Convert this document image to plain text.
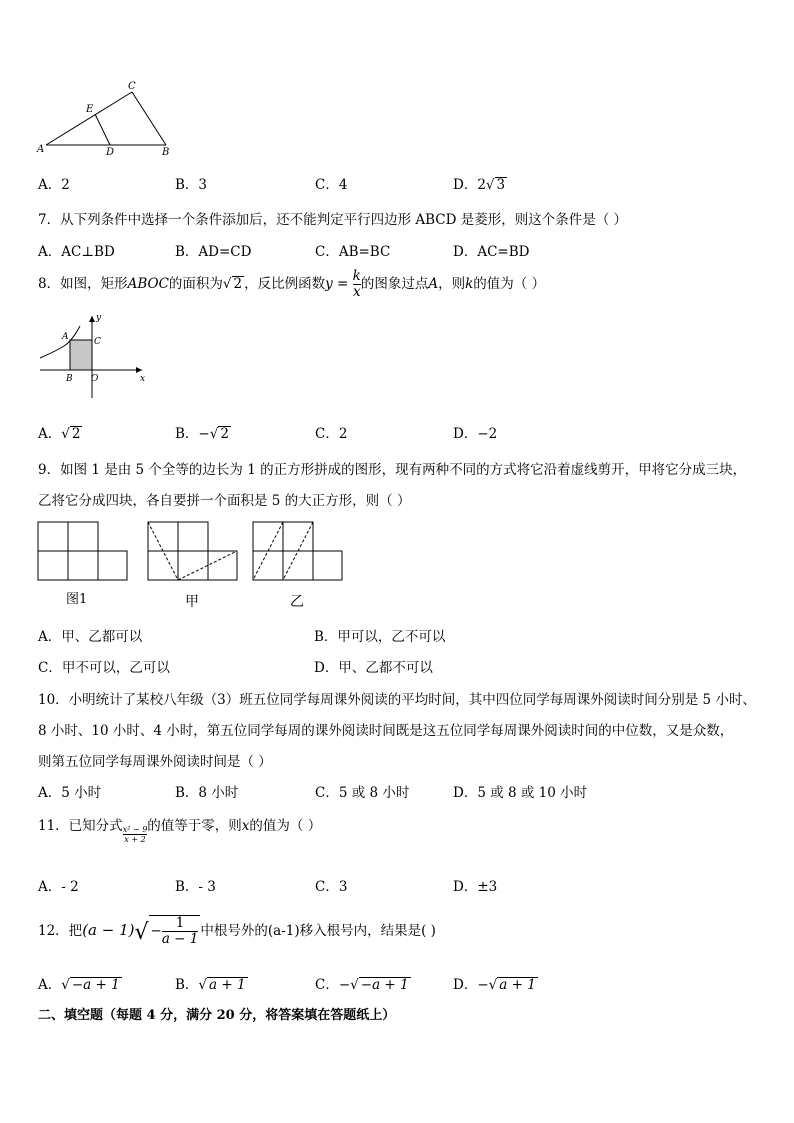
A	B
C
D
E
A．2	B．3	C．4	D．2√ 3
7．从下列条件中选择一个条件添加后，还不能判定平行四边形 ABCD 是菱形，则这个条件是（ ）
A．AC⊥BD	B．AD=CD	C．AB=BC	D．AC=BD
8．如图，矩形ABOC的面积为√ 2 ，反比例函数$y = \frac{k}{x}$ 的图象过点A，则k的值为（ ）
A
B
C
O	x
y
A．√ 2	B．−√ 2	C．2	D．−2
9．如图 1 是由 5 个全等的边长为 1 的正方形拼成的图形，现有两种不同的方式将它沿着虚线剪开，甲将它分成三块，
乙将它分成四块，各自要拼一个面积是 5 的大正方形，则（ ）
图1	甲	乙
A．甲、乙都可以	B．甲可以，乙不可以
C．甲不可以，乙可以	D．甲、乙都不可以
10．小明统计了某校八年级（3）班五位同学每周课外阅读的平均时间，其中四位同学每周课外阅读时间分别是 5 小时、
8 小时、10 小时、4 小时，第五位同学每周的课外阅读时间既是这五位同学每周课外阅读时间的中位数，又是众数，
则第五位同学每周课外阅读时间是（ ）
A．5 小时	B．8 小时	C．5 或 8 小时	D．5 或 8 或 10 小时
11．已知分式 $\frac{\text{x² − 9}}{x + 2}$ 的值等于零，则x的值为（ ）
A．- 2	B．- 3	C．3	D．±3
12．把$(a - 1)√ - \frac{1}{a - 1}$ 中根号外的(a-1)移入根号内，结果是( )
A．√ −a + 1	B．√ a + 1	C．−√ −a + 1	D．−√ a + 1
二、填空题（每题 4 分，满分 20 分，将答案填在答题纸上）
